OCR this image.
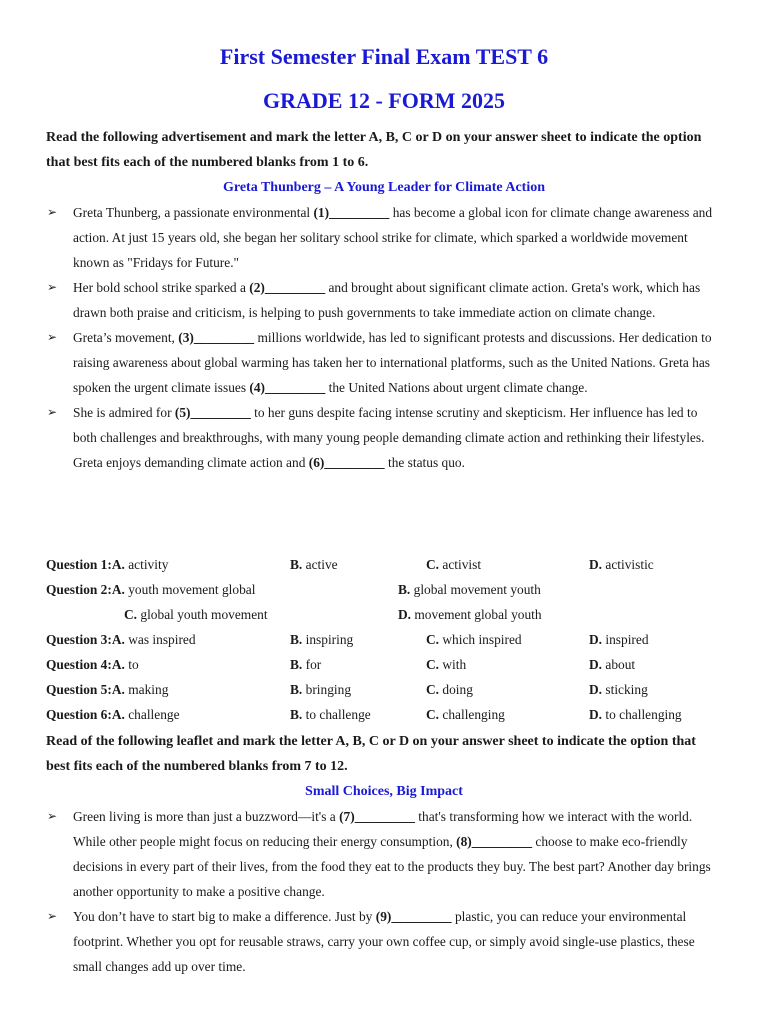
First Semester Final Exam TEST 6
GRADE 12 - FORM 2025
Read the following advertisement and mark the letter A, B, C or D on your answer sheet to indicate the option that best fits each of the numbered blanks from 1 to 6.
Greta Thunberg – A Young Leader for Climate Action
➢ Greta Thunberg, a passionate environmental (1)_________ has become a global icon for climate change awareness and action. At just 15 years old, she began her solitary school strike for climate, which sparked a worldwide movement known as "Fridays for Future."
➢ Her bold school strike sparked a (2)_________ and brought about significant climate action. Greta's work, which has drawn both praise and criticism, is helping to push governments to take immediate action on climate change.
➢ Greta’s movement, (3)_________ millions worldwide, has led to significant protests and discussions. Her dedication to raising awareness about global warming has taken her to international platforms, such as the United Nations. Greta has spoken the urgent climate issues (4)_________ the United Nations about urgent climate change.
➢ She is admired for (5)_________ to her guns despite facing intense scrutiny and skepticism. Her influence has led to both challenges and breakthroughs, with many young people demanding climate action and rethinking their lifestyles. Greta enjoys demanding climate action and (6)_________ the status quo.
Question 1:A. activity	B. active	C. activist	D. activistic
Question 2:A. youth movement global	B. global movement youth
C. global youth movement	D. movement global youth
Question 3:A. was inspired	B. inspiring	C. which inspired	D. inspired
Question 4:A. to	B. for	C. with	D. about
Question 5:A. making	B. bringing	C. doing	D. sticking
Question 6:A. challenge	B. to challenge	C. challenging	D. to challenging
Read of the following leaflet and mark the letter A, B, C or D on your answer sheet to indicate the option that best fits each of the numbered blanks from 7 to 12.
Small Choices, Big Impact
➢ Green living is more than just a buzzword—it's a (7)_________ that's transforming how we interact with the world. While other people might focus on reducing their energy consumption, (8)_________ choose to make eco-friendly decisions in every part of their lives, from the food they eat to the products they buy. The best part? Another day brings another opportunity to make a positive change.
➢ You don’t have to start big to make a difference. Just by (9)_________ plastic, you can reduce your environmental footprint. Whether you opt for reusable straws, carry your own coffee cup, or simply avoid single-use plastics, these small changes add up over time.
